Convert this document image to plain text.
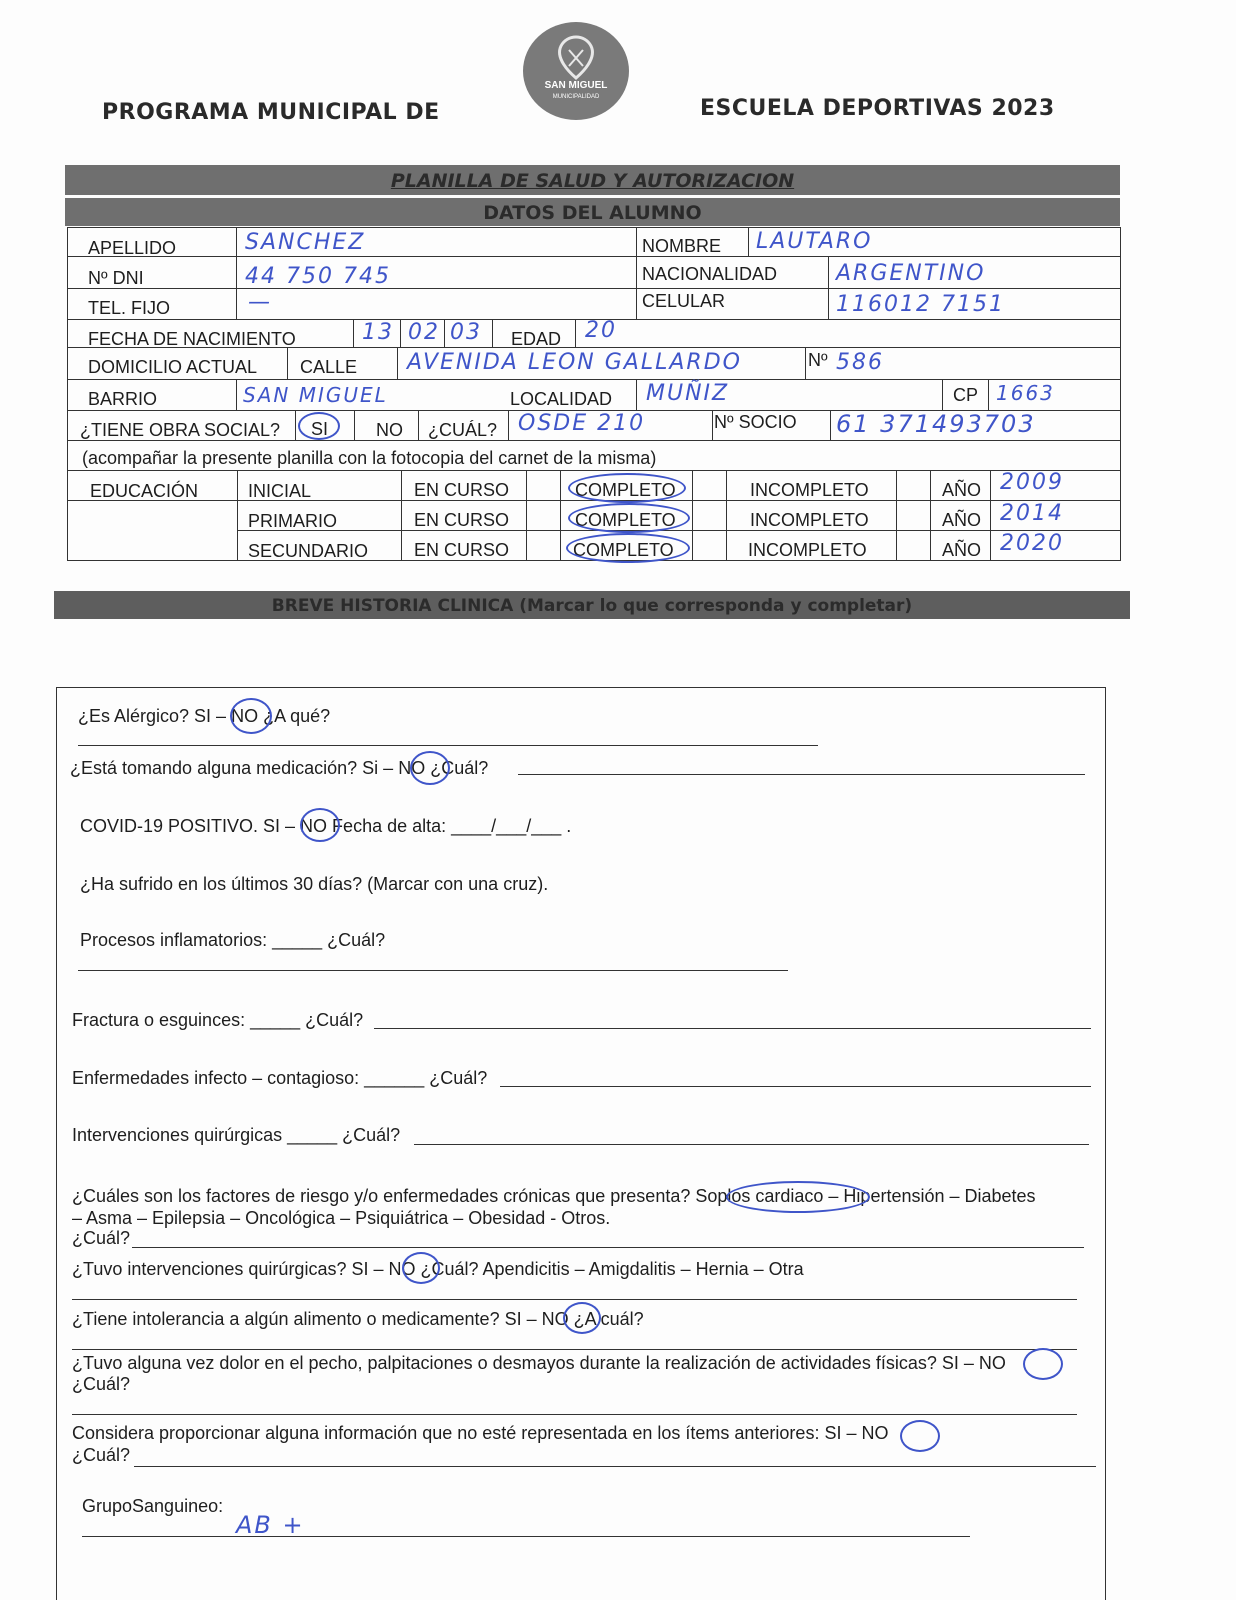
PROGRAMA MUNICIPAL DE	ESCUELA DEPORTIVAS 2023
SAN MIGUEL
MUNICIPALIDAD
PLANILLA DE SALUD Y AUTORIZACION
DATOS DEL ALUMNO
APELLIDO	SANCHEZ	NOMBRE LAUTARO
Nº DNI	44 750 745	NACIONALIDAD	ARGENTINO
TEL. FIJO	—	CELULAR	116012 7151
FECHA DE NACIMIENTO	13 02 03 EDAD 20
DOMICILIO ACTUAL CALLE AVENIDA LEON GALLARDO	Nº 586
BARRIO	SAN MIGUEL	LOCALIDAD MUÑIZ	CP 1663
¿TIENE OBRA SOCIAL? SI	NO ¿CUÁL? OSDE 210	Nº SOCIO 61 371493703
(acompañar la presente planilla con la fotocopia del carnet de la misma)
EDUCACIÓN	INICIAL	EN CURSO	COMPLETO	INCOMPLETO	AÑO 2009
PRIMARIO	EN CURSO	COMPLETO	INCOMPLETO	AÑO 2014
SECUNDARIO	EN CURSO	COMPLETO	INCOMPLETO	AÑO 2020
BREVE HISTORIA CLINICA (Marcar lo que corresponda y completar)
¿Es Alérgico? SI – NO ¿A qué?
¿Está tomando alguna medicación? Si – NO ¿Cuál?
COVID-19 POSITIVO. SI – NO Fecha de alta: ____/___/___ .
¿Ha sufrido en los últimos 30 días? (Marcar con una cruz).
Procesos inflamatorios: _____ ¿Cuál?
Fractura o esguinces: _____ ¿Cuál?
Enfermedades infecto – contagioso: ______ ¿Cuál?
Intervenciones quirúrgicas _____ ¿Cuál?
¿Cuáles son los factores de riesgo y/o enfermedades crónicas que presenta? Soplos cardiaco – Hipertensión – Diabetes
– Asma – Epilepsia – Oncológica – Psiquiátrica – Obesidad - Otros.
¿Cuál?
¿Tuvo intervenciones quirúrgicas? SI – NO ¿Cuál? Apendicitis – Amigdalitis – Hernia – Otra
¿Tiene intolerancia a algún alimento o medicamente? SI – NO ¿A cuál?
¿Tuvo alguna vez dolor en el pecho, palpitaciones o desmayos durante la realización de actividades físicas? SI – NO
¿Cuál?
Considera proporcionar alguna información que no esté representada en los ítems anteriores: SI – NO
¿Cuál?
GrupoSanguineo:
AB +
